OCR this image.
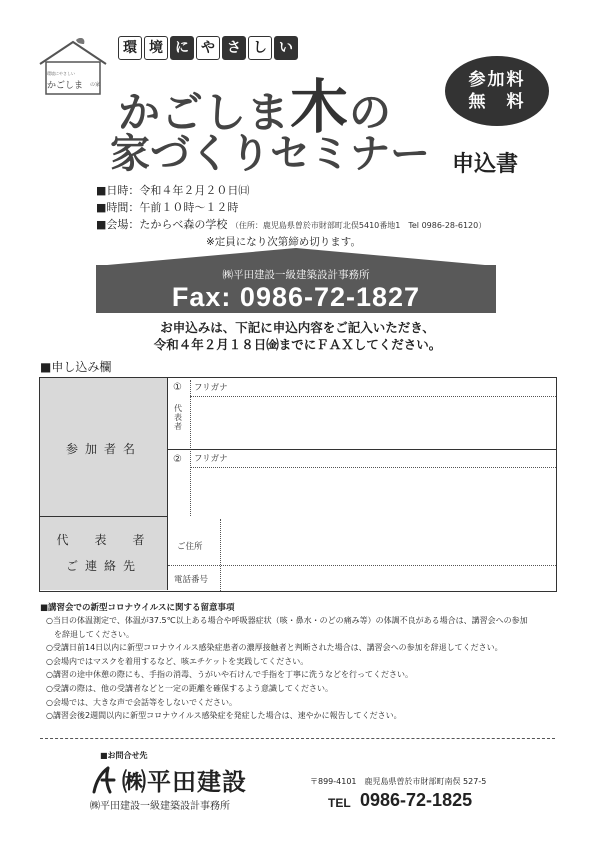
環境にやさしい
かごしま の家
環 境 に や さ し い
かごしま木の
家づくりセミナー 申込書
参加料
無　料
■日時：令和４年２月２０日㈰
■時間：午前１０時〜１２時
■会場：たからべ森の学校 （住所：鹿児島県曽於市財部町北俣5410番地1　Tel 0986-28-6120）
※定員になり次第締め切ります。
㈱平田建設一級建築設計事務所
Fax: 0986-72-1827
お申込みは、下記に申込内容をご記入いただき、
令和４年２月１８日㈮までにＦＡＸしてください。
■申し込み欄
参加者名
代　表　者
ご連絡先
①
代表者
フリガナ
② フリガナ
ご住所
電話番号
■講習会での新型コロナウイルスに関する留意事項
○当日の体温測定で、体温が37.5℃以上ある場合や呼吸器症状（咳・鼻水・のどの痛み等）の体調不良がある場合は、講習会への参加
　を辞退してください。
○受講日前14日以内に新型コロナウイルス感染症患者の濃厚接触者と判断された場合は、講習会への参加を辞退してください。
○会場内ではマスクを着用するなど、咳エチケットを実践してください。
○講習の途中休憩の際にも、手指の消毒、うがいや石けんで手指を丁寧に洗うなどを行ってください。
○受講の際は、他の受講者などと一定の距離を確保するよう意識してください。
○会場では、大きな声で会話等をしないでください。
○講習会後2週間以内に新型コロナウイルス感染症を発症した場合は、速やかに報告してください。
■お問合せ先
㈱平田建設
㈱平田建設一級建築設計事務所
〒899-4101　鹿児島県曽於市財部町南俣 527-5
TEL 0986-72-1825
